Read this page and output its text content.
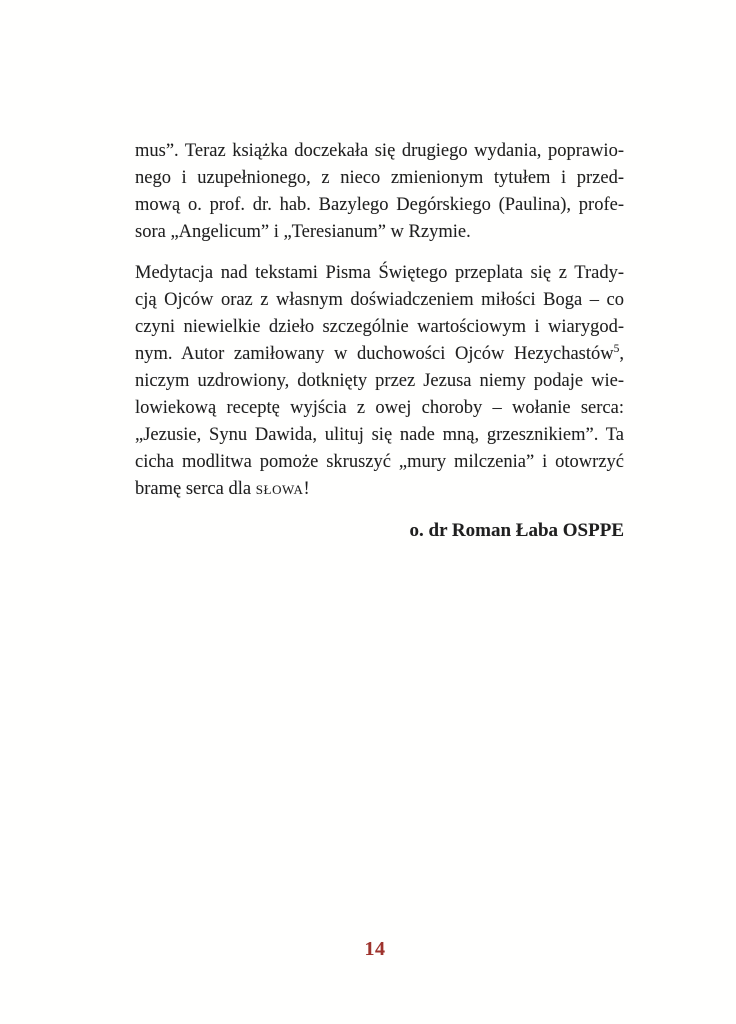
mus”. Teraz książka doczekała się drugiego wydania, poprawio-
nego i uzupełnionego, z nieco zmienionym tytułem i przed-
mową o. prof. dr. hab. Bazylego Degórskiego (Paulina), profe-
sora „Angelicum” i „Teresianum” w Rzymie.
Medytacja nad tekstami Pisma Świętego przeplata się z Trady-
cją Ojców oraz z własnym doświadczeniem miłości Boga – co
czyni niewielkie dzieło szczególnie wartościowym i wiarygod-
nym. Autor zamiłowany w duchowości Ojców Hezychastów$^5$,
niczym uzdrowiony, dotknięty przez Jezusa niemy podaje wie-
lowiekową receptę wyjścia z owej choroby – wołanie serca:
„Jezusie, Synu Dawida, ulituj się nade mną, grzesznikiem”. Ta
cicha modlitwa pomoże skruszyć „mury milczenia” i otowrzyć
bramę serca dla słowa!
o. dr Roman Łaba OSPPE
14
